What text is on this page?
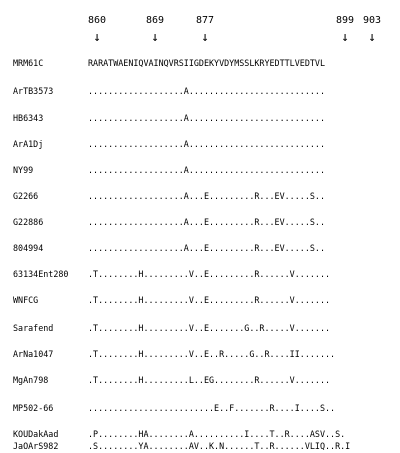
860
↓
869
↓
877
↓
899
↓
903
↓
MRM61C	RARATWAENIQVAINQVRSIIGDEKYVDYMSSLKRYEDTTLVEDTVL
ArTB3573	...................A...........................
HB6343	...................A...........................
ArA1Dj	...................A...........................
NY99	...................A...........................
G2266	...................A...E.........R...EV.....S..
G22886	...................A...E.........R...EV.....S..
804994	...................A...E.........R...EV.....S..
63134Ent280 .T........H.........V..E.........R......V.......
WNFCG	.T........H.........V..E.........R......V.......
Sarafend	.T........H.........V..E.......G..R.....V.......
ArNa1047	.T........H.........V..E..R.....G..R....II.......
MgAn798	.T........H.........L..EG........R......V.......
MP502-66	.........................E..F.......R....I....S..
KOUDakAad	.P........HA........A..........I....T..R....ASV..S.
JaOArS982	.S........YA........AV..K.N......T..R......VLIQ..R.I
